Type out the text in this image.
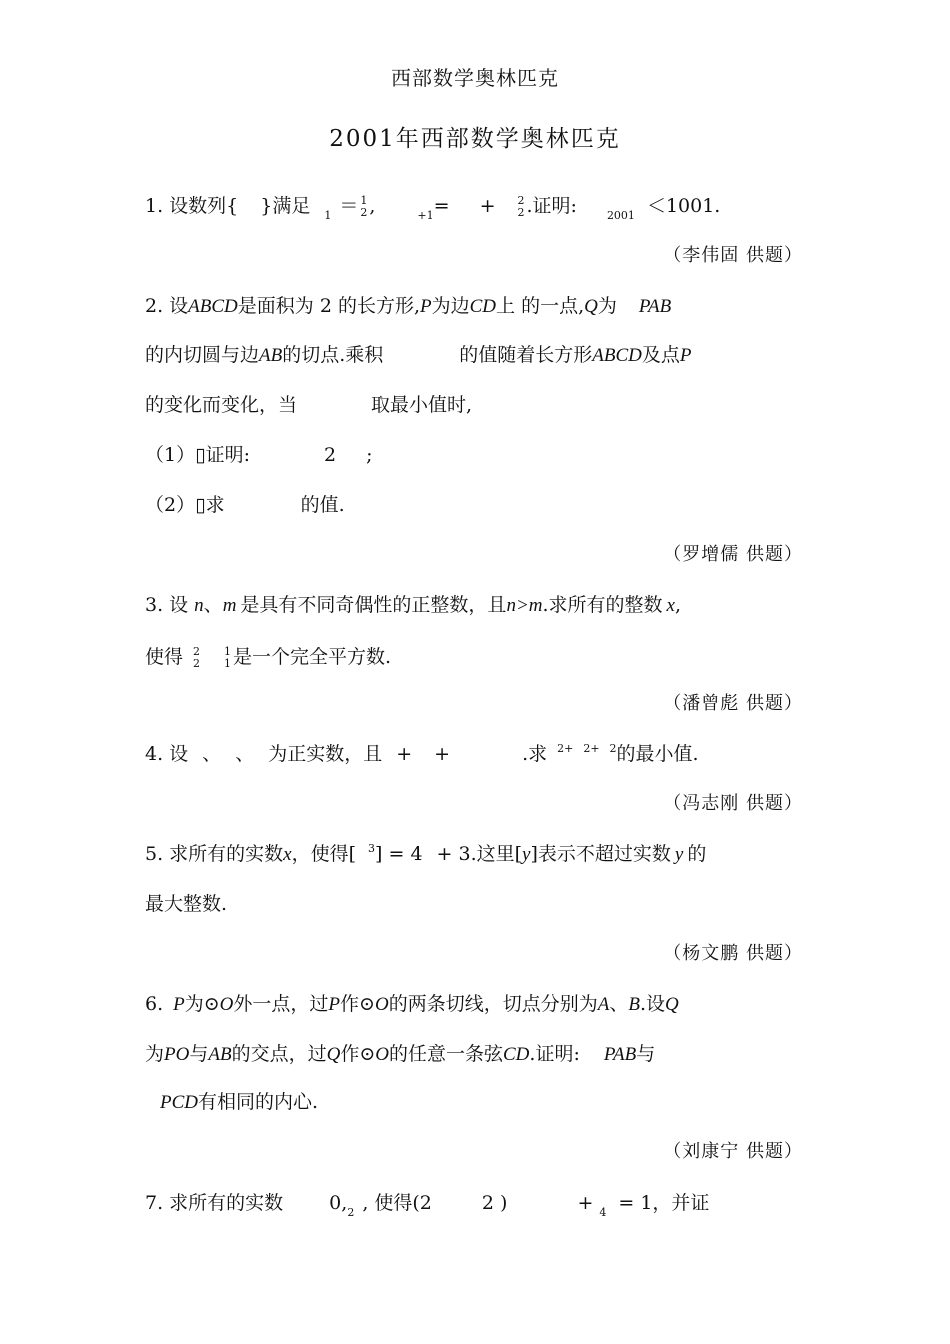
西部数学奥林匹克
2001年西部数学奥林匹克
1. 设数列{ }满足 $_1$ ＝ 1
2 ,	$_{+1}$= + 2
2 .证明:	$_{2001}$ ＜1001.
（李伟固 供题）
2. 设ABCD是面积为 2 的长方形,P为边CD上 的一点,Q为 PAB
的内切圆与边AB的切点.乘积	的值随着长方形ABCD及点P
的变化而变化，当	取最小值时,
（1）▯证明:	2 ;
（2）▯求	的值.
（罗增儒 供题）
3. 设 n、m 是具有不同奇偶性的正整数，且n>m.求所有的整数 x,
使得 2
2
1
1 是一个完全平方数.
（潘曾彪 供题）
4. 设 、 、 为正实数，且 + +	.求 $^{2+}$ $^{2+}$ $^2$的最小值.
（冯志刚 供题）
5. 求所有的实数x，使得[ $^3$] = 4 + 3.这里[y]表示不超过实数 y 的
最大整数.
（杨文鹏 供题）
6. P为⊙O外一点，过P作⊙O的两条切线，切点分别为A、B.设Q
为PO与AB的交点，过Q作⊙O的任意一条弦CD.证明: PAB与
PCD有相同的内心.
（刘康宁 供题）
7. 求所有的实数 $0,_2$ , 使得(2	2 )	+ $_4$ = 1，并证
